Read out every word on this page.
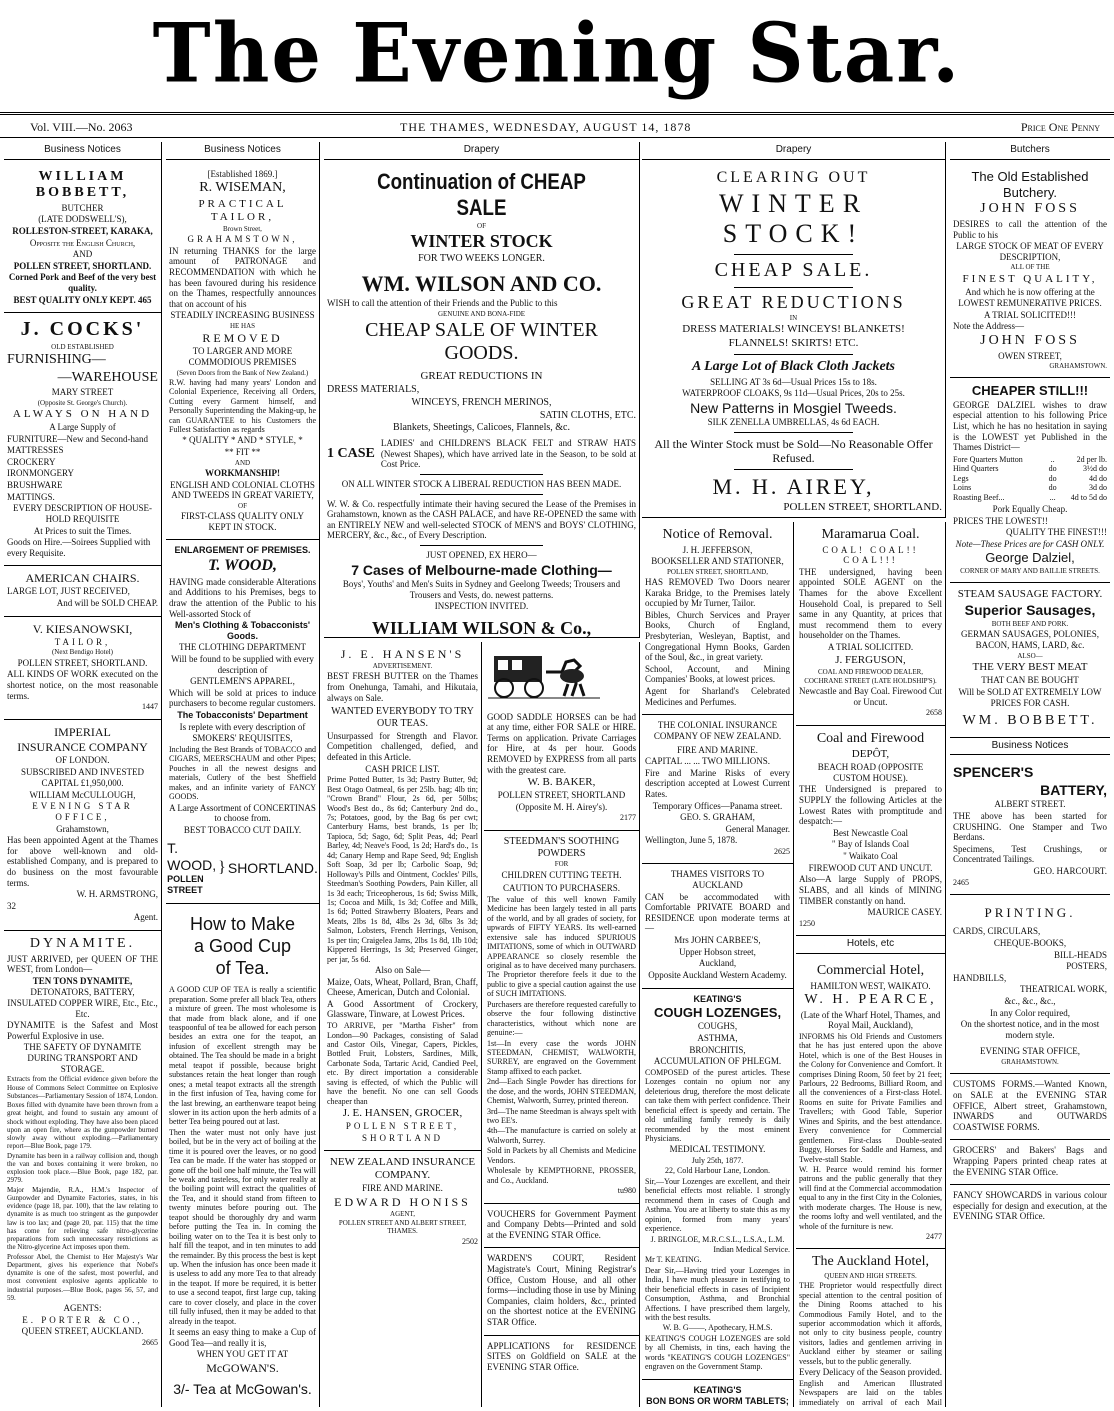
The Evening Star.
Vol. VIII.—No. 2063	THE THAMES, WEDNESDAY, AUGUST 14, 1878	Price One Penny
Business Notices

WILLIAM BOBBETT,

BUTCHER

(LATE DODSWELL'S),

ROLLESTON-STREET, KARAKA,

Opposite the English Church,

AND

POLLEN STREET, SHORTLAND.

Corned Pork and Beef of the very best quality.

BEST QUALITY ONLY KEPT. 465

J. COCKS'

OLD ESTABLISHED

FURNISHING—

—WAREHOUSE

MARY STREET

(Opposite St. George's Church).

ALWAYS ON HAND

A Large Supply of

FURNITURE—New and Second-hand

MATTRESSES

CROCKERY

IRONMONGERY

BRUSHWARE

MATTINGS.

EVERY DESCRIPTION OF HOUSE-HOLD REQUISITE

At Prices to suit the Times.

Goods on Hire.—Soirees Supplied with every Requisite.

AMERICAN CHAIRS.

LARGE LOT, JUST RECEIVED,

And will be SOLD CHEAP.

V. KIESANOWSKI,

TAILOR,

(Next Bendigo Hotel)

POLLEN STREET, SHORTLAND.

ALL KINDS OF WORK executed on the shortest notice, on the most reasonable terms.

1447

IMPERIAL

INSURANCE COMPANY

OF LONDON.

SUBSCRIBED AND INVESTED

CAPITAL £1,950,000.

WILLIAM McCULLOUGH,

EVENING STAR OFFICE,

Grahamstown,

Has been appointed Agent at the Thames for above well-known and old-established Company, and is prepared to do business on the most favourable terms.

W. H. ARMSTRONG,

32

Agent.

DYNAMITE.

JUST ARRIVED, per QUEEN OF THE WEST, from London—

TEN TONS DYNAMITE,

DETONATORS, BATTERY, INSULATED COPPER WIRE, Etc., Etc., Etc.

DYNAMITE is the Safest and Most Powerful Explosive in use.

THE SAFETY OF DYNAMITE DURING TRANSPORT AND STORAGE.

Extracts from the Official evidence given before the House of Commons Select Committee on Explosive Substances—Parliamentary Session of 1874, London.

Boxes filled with dynamite have been thrown from a great height, and found to sustain any amount of shock without exploding. They have also been placed upon an open fire, where as the gunpowder burned slowly away without exploding.—Parliamentary report—Blue Book, page 179.

Dynamite has been in a railway collision and, though the van and boxes containing it were broken, no explosion took place.—Blue Book, page 182, par. 2979.

Major Majendie, R.A., H.M.'s Inspector of Gunpowder and Dynamite Factories, states, in his evidence (page 18, par. 100), that the law relating to dynamite is as much too stringent as the gunpowder law is too lax; and (page 20, par. 115) that the time has come for relieving safe nitro-glycerine preparations from such unnecessary restrictions as the Nitro-glycerine Act imposes upon them.

Professor Abel, the Chemist to Her Majesty's War Department, gives his experience that Nobel's dynamite is one of the safest, most powerful, and most convenient explosive agents applicable to industrial purposes.—Blue Book, pages 56, 57, and 59.

AGENTS:

E. PORTER & CO.,

QUEEN STREET, AUCKLAND.

2665

Business Notices

[Established 1869.]

R. WISEMAN,

PRACTICAL TAILOR,

Brown Street,

GRAHAMSTOWN,

IN returning THANKS for the large amount of PATRONAGE and RECOMMENDATION with which he has been favoured during his residence on the Thames, respectfully announces that on account of his

STEADILY INCREASING BUSINESS

HE HAS

REMOVED

TO LARGER AND MORE COMMODIOUS PREMISES

(Seven Doors from the Bank of New Zealand.)

R.W. having had many years' London and Colonial Experience, Receiving all Orders, Cutting every Garment himself, and Personally Superintending the Making-up, he can GUARANTEE to his Customers the Fullest Satisfaction as regards

* QUALITY * AND * STYLE, *

** FIT **

AND

WORKMANSHIP!

ENGLISH AND COLONIAL CLOTHS AND TWEEDS IN GREAT VARIETY,

OF

FIRST-CLASS QUALITY ONLY KEPT IN STOCK.

ENLARGEMENT OF PREMISES.

T. WOOD,

HAVING made considerable Alterations and Additions to his Premises, begs to draw the attention of the Public to his Well-assorted Stock of

Men's Clothing & Tobacconists' Goods.

THE CLOTHING DEPARTMENT

Will be found to be supplied with every description of

GENTLEMEN'S APPAREL,

Which will be sold at prices to induce purchasers to become regular customers.

The Tobacconists' Department

Is replete with every description of

SMOKERS' REQUISITES,

Including the Best Brands of TOBACCO and CIGARS, MEERSCHAUM and other Pipes; Pouches in all the newest designs and materials, Cutlery of the best Sheffield makes, and an infinite variety of FANCY GOODS.

A Large Assortment of CONCERTINAS to choose from.

BEST TOBACCO CUT DAILY.

T. WOOD,

POLLEN STREET

} SHORTLAND.

How to Make

a Good Cup

of Tea.

A GOOD CUP OF TEA is really a scientific preparation. Some prefer all black Tea, others a mixture of green. The most wholesome is that made from black alone, and if one teaspoonful of tea be allowed for each person besides an extra one for the teapot, an infusion of excellent strength may be obtained. The Tea should be made in a bright metal teapot if possible, because bright substances retain the heat longer than rough ones; a metal teapot extracts all the strength in the first infusion of Tea, having come for the last brewing, an earthenware teapot being slower in its action upon the herb admits of a better Tea being poured out at last.

Then the water must not only have just boiled, but be in the very act of boiling at the time it is poured over the leaves, or no good Tea can be made. If the water has stopped or gone off the boil one half minute, the Tea will be weak and tasteless, for only water really at the boiling point will extract the qualities of the Tea, and it should stand from fifteen to twenty minutes before pouring out. The teapot should be thoroughly dry and warm before putting the Tea in. In coming the boiling water on to the Tea it is best only to half fill the teapot, and in ten minutes to add the remainder. By this process the best is kept up. When the infusion has once been made it is useless to add any more Tea to that already in the teapot. If more be required, it is better to use a second teapot, first large cup, taking care to cover closely, and place in the cover till fully infused, then it may be added to that already in the teapot.

It seems an easy thing to make a Cup of Good Tea—and really it is,

WHEN YOU GET IT AT

McGOWAN'S.

3/- Tea at McGowan's.

Drapery

Continuation of CHEAP SALE

OF

WINTER STOCK

FOR TWO WEEKS LONGER.

WM. WILSON AND CO.

WISH to call the attention of their Friends and the Public to this

GENUINE AND BONA-FIDE

CHEAP SALE OF WINTER GOODS.

GREAT REDUCTIONS IN

DRESS MATERIALS,

WINCEYS, FRENCH MERINOS,

SATIN CLOTHS, ETC.

Blankets, Sheetings, Calicoes, Flannels, &c.

1 CASE
LADIES' and CHILDREN'S BLACK FELT and STRAW HATS (Newest Shapes), which have arrived late in the Season, to be sold at Cost Price.

ON ALL WINTER STOCK A LIBERAL REDUCTION HAS BEEN MADE.

W. W. & Co. respectfully intimate their having secured the Lease of the Premises in Grahamstown, known as the CASH PALACE, and have RE-OPENED the same with an ENTIRELY NEW and well-selected STOCK of MEN'S and BOYS' CLOTHING, MERCERY, &c., &c., of Every Description.

JUST OPENED, EX HERO—

7 Cases of Melbourne-made Clothing—

Boys', Youths' and Men's Suits in Sydney and Geelong Tweeds; Trousers and Trousers and Vests, do. newest patterns.

INSPECTION INVITED.

WILLIAM WILSON & Co.,

J. E. HANSEN'S

ADVERTISEMENT.

BEST FRESH BUTTER on the Thames from Onehunga, Tamahi, and Hikutaia, always on Sale.

WANTED EVERYBODY TO TRY OUR TEAS.

Unsurpassed for Strength and Flavor. Competition challenged, defied, and defeated in this Article.

CASH PRICE LIST.

Prime Potted Butter, 1s 3d; Pastry Butter, 9d; Best Otago Oatmeal, 6s per 25lb. bag; 4lb tin; "Crown Brand" Flour, 2s 6d, per 50lbs; Wood's Best do., 8s 6d; Canterbury 2nd do., 7s; Potatoes, good, by the Bag 6s per cwt; Canterbury Hams, best brands, 1s per lb; Tapioca, 5d; Sago, 6d; Split Peas, 4d; Pearl Barley, 4d; Neave's Food, 1s 2d; Hard's do., 1s 4d; Canary Hemp and Rape Seed, 9d; English Soft Soap, 3d per lb; Carbolic Soap, 9d; Holloway's Pills and Ointment, Cockles' Pills, Steedman's Soothing Powders, Pain Killer, all 1s 3d each; Triceopherous, 1s 6d; Swiss Milk, 1s; Cocoa and Milk, 1s 3d; Coffee and Milk, 1s 6d; Potted Strawberry Bloaters, Pears and Meats, 2lbs 1s 8d, 4lbs 2s 3d, 6lbs 3s 3d; Salmon, Lobsters, French Herrings, Venison, 1s per tin; Craigelea Jams, 2lbs 1s 8d, 1lb 10d; Kippered Herrings, 1s 3d; Preserved Ginger, per jar, 5s 6d.

Also on Sale—

Maize, Oats, Wheat, Pollard, Bran, Chaff, Cheese, American, Dutch and Colonial.

A Good Assortment of Crockery, Glassware, Tinware, at Lowest Prices.

TO ARRIVE, per "Martha Fisher" from London—90 Packages, consisting of Salad and Castor Oils, Vinegar, Capers, Pickles, Bottled Fruit, Lobsters, Sardines, Milk, Carbonate Soda, Tartaric Acid, Candied Peel, etc. By direct importation a considerable saving is effected, of which the Public will have the benefit. No one can sell Goods cheaper than

J. E. HANSEN, GROCER,

POLLEN STREET,

SHORTLAND

NEW ZEALAND INSURANCE COMPANY.

FIRE AND MARINE.

EDWARD HONISS

AGENT,

POLLEN STREET AND ALBERT STREET, THAMES.

2502

GOOD SADDLE HORSES can be had at any time, either FOR SALE or HIRE. Terms on application. Private Carriages for Hire, at 4s per hour. Goods REMOVED by EXPRESS from all parts with the greatest care.

W. B. BAKER,

POLLEN STREET, SHORTLAND

(Opposite M. H. Airey's).

2177

STEEDMAN'S SOOTHING POWDERS

FOR

CHILDREN CUTTING TEETH.

CAUTION TO PURCHASERS.

The value of this well known Family Medicine has been largely tested in all parts of the world, and by all grades of society, for upwards of FIFTY YEARS. Its well-earned extensive sale has induced SPURIOUS IMITATIONS, some of which in OUTWARD APPEARANCE so closely resemble the original as to have deceived many purchasers. The Proprietor therefore feels it due to the public to give a special caution against the use of SUCH IMITATIONS.

Purchasers are therefore requested carefully to observe the four following distinctive characteristics, without which none are genuine:—

1st—In every case the words JOHN STEEDMAN, CHEMIST, WALWORTH, SURREY, are engraved on the Government Stamp affixed to each packet.

2nd—Each Single Powder has directions for the dose, and the words, JOHN STEEDMAN, Chemist, Walworth, Surrey, printed thereon.

3rd—The name Steedman is always spelt with two EE's.

4th—The manufacture is carried on solely at Walworth, Surrey.

Sold in Packets by all Chemists and Medicine Vendors.

Wholesale by KEMPTHORNE, PROSSER, and Co., Auckland.

tu980

VOUCHERS for Government Payment and Company Debts—Printed and sold at the EVENING STAR Office.

WARDEN'S COURT, Resident Magistrate's Court, Mining Registrar's Office, Custom House, and all other forms—including those in use by Mining Companies, claim holders, &c., printed on the shortest notice at the EVENING STAR Office.

APPLICATIONS for RESIDENCE SITES on Goldfield on SALE at the EVENING STAR Office.

Drapery

CLEARING OUT

WINTER STOCK!

CHEAP SALE.

GREAT REDUCTIONS

IN

DRESS MATERIALS! WINCEYS! BLANKETS!

FLANNELS! SKIRTS! ETC.

A Large Lot of Black Cloth Jackets

SELLING AT 3s 6d—Usual Prices 15s to 18s.

WATERPROOF CLOAKS, 9s 11d—Usual Prices, 20s to 25s.

New Patterns in Mosgiel Tweeds.

SILK ZENELLA UMBRELLAS, 4s 6d EACH.

All the Winter Stock must be Sold—No Reasonable Offer Refused.

M. H. AIREY,

POLLEN STREET, SHORTLAND.

Notice of Removal.

J. H. JEFFERSON,

BOOKSELLER AND STATIONER,

POLLEN STREET, SHORTLAND,

HAS REMOVED Two Doors nearer Karaka Bridge, to the Premises lately occupied by Mr Turner, Tailor.

Bibles, Church Services and Prayer Books, Church of England, Presbyterian, Wesleyan, Baptist, and Congregational Hymn Books, Garden of the Soul, &c., in great variety.

School, Account, and Mining Companies' Books, at lowest prices.

Agent for Sharland's Celebrated Medicines and Perfumes.

THE COLONIAL INSURANCE COMPANY OF NEW ZEALAND.

FIRE AND MARINE.

CAPITAL ... ... TWO MILLIONS.

Fire and Marine Risks of every description accepted at Lowest Current Rates.

Temporary Offices—Panama street.

GEO. S. GRAHAM,

General Manager.

Wellington, June 5, 1878.

2625

THAMES VISITORS TO AUCKLAND

CAN be accommodated with Comfortable PRIVATE BOARD and RESIDENCE upon moderate terms at—

Mrs JOHN CARBEE'S,

Upper Hobson street,

Auckland,

Opposite Auckland Western Academy.

KEATING'S

COUGH LOZENGES,

COUGHS,

ASTHMA,

BRONCHITIS,

ACCUMULATION OF PHLEGM.

COMPOSED of the purest articles. These Lozenges contain no opium nor any deleterious drug, therefore the most delicate can take them with perfect confidence. Their beneficial effect is speedy and certain. The old unfailing family remedy is daily recommended by the most eminent Physicians.

MEDICAL TESTIMONY.

July 25th, 1877.

22, Cold Harbour Lane, London.

Sir,—Your Lozenges are excellent, and their beneficial effects most reliable. I strongly recommend them in cases of Cough and Asthma. You are at liberty to state this as my opinion, formed from many years' experience.

J. BRINGLOE, M.R.C.S.L., L.S.A., L.M.

Indian Medical Service.

Mr T. KEATING.

Dear Sir,—Having tried your Lozenges in India, I have much pleasure in testifying to their beneficial effects in cases of Incipient Consumption, Asthma, and Bronchial Affections. I have prescribed them largely, with the best results.

W. B. G——, Apothecary, H.M.S.

KEATING'S COUGH LOZENGES are sold by all Chemists, in tins, each having the words "KEATING'S COUGH LOZENGES" engraven on the Government Stamp.

KEATING'S

BON BONS OR WORM TABLETS;

Maramarua Coal.

COAL! COAL!! COAL!!!

THE undersigned, having been appointed SOLE AGENT on the Thames for the above Excellent Household Coal, is prepared to Sell same in any Quantity, at prices that must recommend them to every householder on the Thames.

A TRIAL SOLICITED.

J. FERGUSON,

COAL AND FIREWOOD DEALER,

COCHRANE STREET (LATE HOLDSHIP'S).

Newcastle and Bay Coal. Firewood Cut or Uncut.

2658

Coal and Firewood

DEPÔT,

BEACH ROAD (OPPOSITE CUSTOM HOUSE).

THE Undersigned is prepared to SUPPLY the following Articles at the Lowest Rates with promptitude and despatch:—

Best Newcastle Coal

" Bay of Islands Coal

" Waikato Coal

FIREWOOD CUT AND UNCUT.

Also—A large Supply of PROPS, SLABS, and all kinds of MINING TIMBER constantly on hand.

MAURICE CASEY.

1250

Hotels, etc

Commercial Hotel,

HAMILTON WEST, WAIKATO.

W. H. PEARCE,

(Late of the Wharf Hotel, Thames, and Royal Mail, Auckland),

INFORMS his Old Friends and Customers that he has just entered upon the above Hotel, which is one of the Best Houses in the Colony for Convenience and Comfort. It comprises Dining Room, 50 feet by 21 feet; Parlours, 22 Bedrooms, Billiard Room, and all the conveniences of a First-class Hotel. Rooms en suite for Private Families and Travellers; with Good Table, Superior Wines and Spirits, and the best attendance. Every convenience for Commercial gentlemen. First-class Double-seated Buggy, Horses for Saddle and Harness, and Twelve-stall Stable.

W. H. Pearce would remind his former patrons and the public generally that they will find at the Commercial accommodation equal to any in the first City in the Colonies, with moderate charges. The House is new, the rooms lofty and well ventilated, and the whole of the furniture is new.

2477

The Auckland Hotel,

QUEEN AND HIGH STREETS.

THE Proprietor would respectfully direct special attention to the central position of the Dining Rooms attached to his Commodious Family Hotel, and to the superior accommodation which it affords, not only to city business people, country visitors, ladies and gentlemen arriving in Auckland either by steamer or sailing vessels, but to the public generally.

Every Delicacy of the Season provided.

English and American Illustrated Newspapers are laid on the tables immediately on arrival of each Mail

Butchers

The Old Established

Butchery.

JOHN FOSS

DESIRES to call the attention of the Public to his

LARGE STOCK OF MEAT OF EVERY DESCRIPTION,

ALL OF THE

FINEST QUALITY,

And which he is now offering at the

LOWEST REMUNERATIVE PRICES.

A TRIAL SOLICITED!!!

Note the Address—

JOHN FOSS

OWEN STREET,

GRAHAMSTOWN.

CHEAPER STILL!!!

GEORGE DALZIEL wishes to draw especial attention to his following Price List, which he has no hesitation in saying is the LOWEST yet Published in the Thames District—

Fore Quarters Mutton	..	2d per lb.
Hind Quarters	do	3½d do
Legs	do	4d do
Loins	do	3d do
Roasting Beef...	...	4d to 5d do

Pork Equally Cheap.

PRICES THE LOWEST!!

QUALITY THE FINEST!!!

Note—These Prices are for CASH ONLY.

George Dalziel,

CORNER OF MARY AND BAILLIE STREETS.

STEAM SAUSAGE FACTORY.

Superior Sausages,

BOTH BEEF AND PORK.

GERMAN SAUSAGES, POLONIES,

BACON, HAMS, LARD, &c.

ALSO—

THE VERY BEST MEAT

THAT CAN BE BOUGHT

Will be SOLD AT EXTREMELY LOW

PRICES FOR CASH.

WM. BOBBETT.

Business Notices

SPENCER'S

BATTERY,

ALBERT STREET.

THE above has been started for CRUSHING. One Stamper and Two Berdans.

Specimens, Test Crushings, or Concentrated Tailings.

GEO. HARCOURT.

2465

PRINTING.

CARDS, CIRCULARS,

CHEQUE-BOOKS,

BILL-HEADS

POSTERS,

HANDBILLS,

THEATRICAL WORK,

&c., &c., &c.,

In any Color required,

On the shortest notice, and in the most modern style.

EVENING STAR OFFICE,

GRAHAMSTOWN.

CUSTOMS FORMS.—Wanted Known, on SALE at the EVENING STAR OFFICE, Albert street, Grahamstown, INWARDS and OUTWARDS COASTWISE FORMS.

GROCERS' and Bakers' Bags and Wrapping Papers printed cheap rates at the EVENING STAR Office.

FANCY SHOWCARDS in various colour especially for design and execution, at the EVENING STAR Office.
